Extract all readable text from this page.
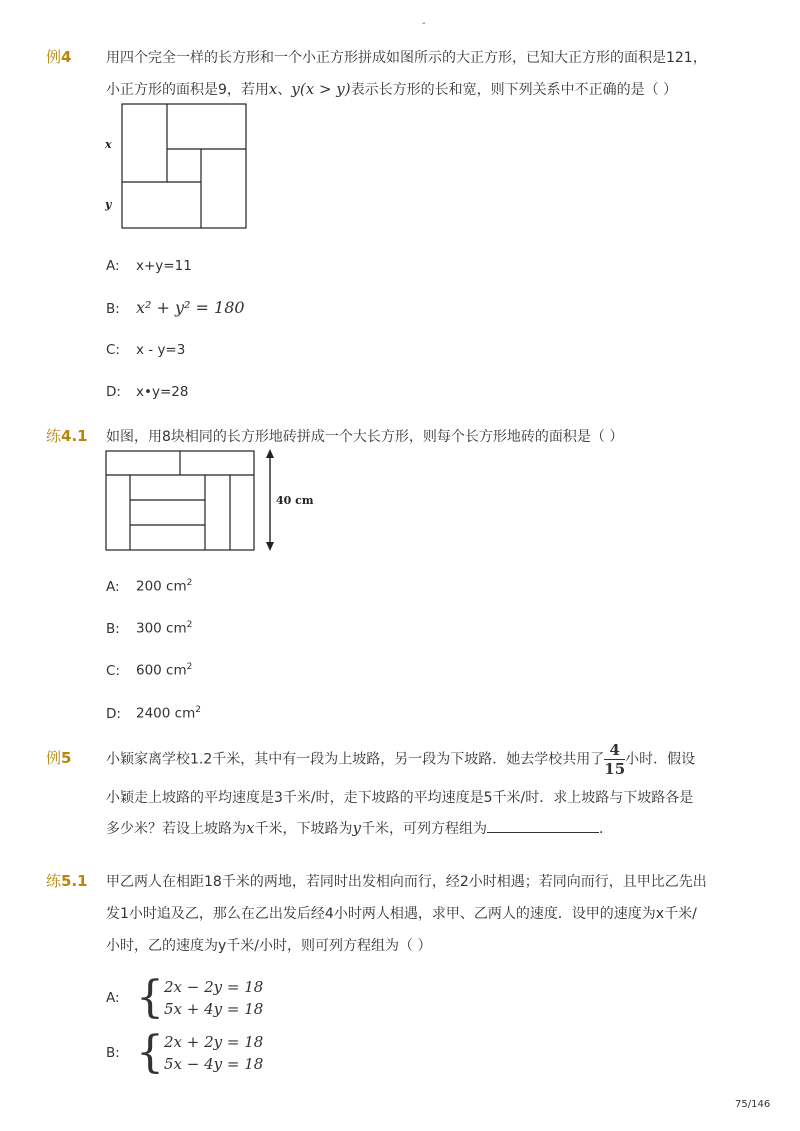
-
例4 用四个完全一样的长方形和一个小正方形拼成如图所示的大正方形，已知大正方形的面积是121，
小正方形的面积是9，若用x、y(x > y)表示长方形的长和宽，则下列关系中不正确的是（ ）
x
y
A: x+y=11
B: x² + y² = 180
C: x - y=3
D: x•y=28
练4.1 如图，用8块相同的长方形地砖拼成一个大长方形，则每个长方形地砖的面积是（ ）
40 cm
A: 200 $cm^2$
B: 300 $cm^2$
C: 600 $cm^2$
D: 2400 $cm^2$
例5 小颖家离学校1.2千米，其中有一段为上坡路，另一段为下坡路．她去学校共用了 $\frac{4}{15}$ 小时．假设
小颖走上坡路的平均速度是3千米/时，走下坡路的平均速度是5千米/时．求上坡路与下坡路各是
多少米？若设上坡路为x千米，下坡路为y千米，可列方程组为	．
练5.1 甲乙两人在相距18千米的两地，若同时出发相向而行，经2小时相遇；若同向而行，且甲比乙先出
发1小时追及乙，那么在乙出发后经4小时两人相遇，求甲、乙两人的速度．设甲的速度为x千米/
小时，乙的速度为y千米/小时，则可列方程组为（ ）
A: {2x − 2y = 18
5x + 4y = 18
B: {2x + 2y = 18
5x − 4y = 18
75/146
